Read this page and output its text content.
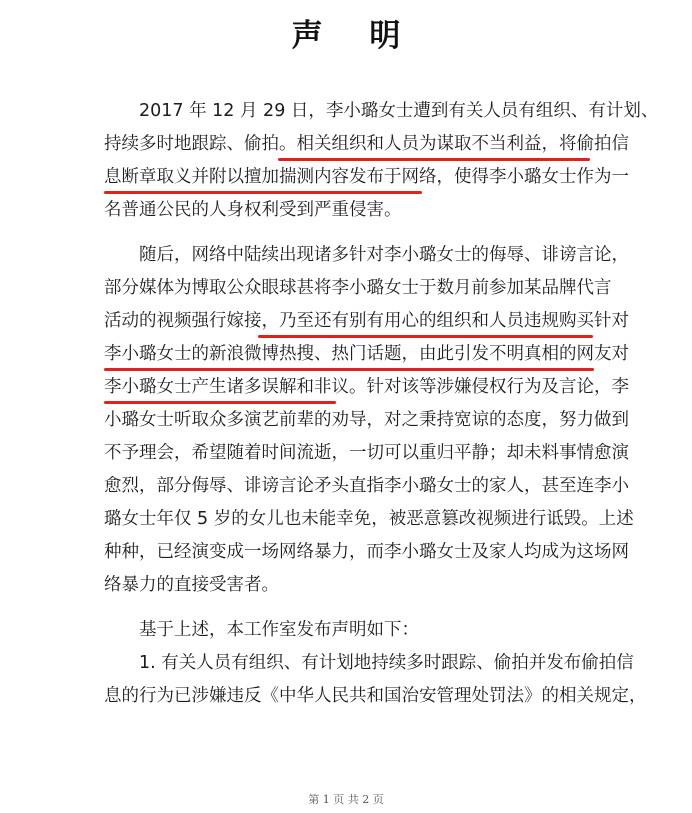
声 明
2017 年 12 月 29 日，李小璐女士遭到有关人员有组织、有计划、
持续多时地跟踪、偷拍。相关组织和人员为谋取不当利益，将偷拍信
息断章取义并附以擅加揣测内容发布于网络，使得李小璐女士作为一
名普通公民的人身权利受到严重侵害。
随后，网络中陆续出现诸多针对李小璐女士的侮辱、诽谤言论，
部分媒体为博取公众眼球甚将李小璐女士于数月前参加某品牌代言
活动的视频强行嫁接，乃至还有别有用心的组织和人员违规购买针对
李小璐女士的新浪微博热搜、热门话题，由此引发不明真相的网友对
李小璐女士产生诸多误解和非议。针对该等涉嫌侵权行为及言论，李
小璐女士听取众多演艺前辈的劝导，对之秉持宽谅的态度，努力做到
不予理会，希望随着时间流逝，一切可以重归平静；却未料事情愈演
愈烈，部分侮辱、诽谤言论矛头直指李小璐女士的家人，甚至连李小
璐女士年仅 5 岁的女儿也未能幸免，被恶意篡改视频进行诋毁。上述
种种，已经演变成一场网络暴力，而李小璐女士及家人均成为这场网
络暴力的直接受害者。
基于上述，本工作室发布声明如下：
1. 有关人员有组织、有计划地持续多时跟踪、偷拍并发布偷拍信
息的行为已涉嫌违反《中华人民共和国治安管理处罚法》的相关规定，
第 1 页 共 2 页
